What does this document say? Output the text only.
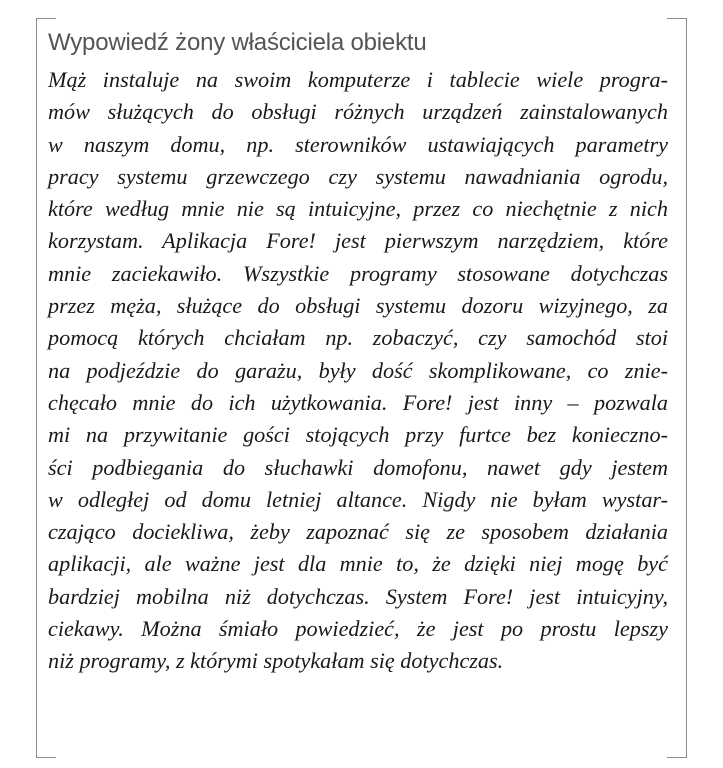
Wypowiedź żony właściciela obiektu

Mąż instaluje na swoim komputerze i tablecie wiele progra-
mów służących do obsługi różnych urządzeń zainstalowanych
w naszym domu, np. sterowników ustawiających parametry
pracy systemu grzewczego czy systemu nawadniania ogrodu,
które według mnie nie są intuicyjne, przez co niechętnie z nich
korzystam. Aplikacja Fore! jest pierwszym narzędziem, które
mnie zaciekawiło. Wszystkie programy stosowane dotychczas
przez męża, służące do obsługi systemu dozoru wizyjnego, za
pomocą których chciałam np. zobaczyć, czy samochód stoi
na podjeździe do garażu, były dość skomplikowane, co znie-
chęcało mnie do ich użytkowania. Fore! jest inny – pozwala
mi na przywitanie gości stojących przy furtce bez konieczno-
ści podbiegania do słuchawki domofonu, nawet gdy jestem
w odległej od domu letniej altance. Nigdy nie byłam wystar-
czająco dociekliwa, żeby zapoznać się ze sposobem działania
aplikacji, ale ważne jest dla mnie to, że dzięki niej mogę być
bardziej mobilna niż dotychczas. System Fore! jest intuicyjny,
ciekawy. Można śmiało powiedzieć, że jest po prostu lepszy
niż programy, z którymi spotykałam się dotychczas.
